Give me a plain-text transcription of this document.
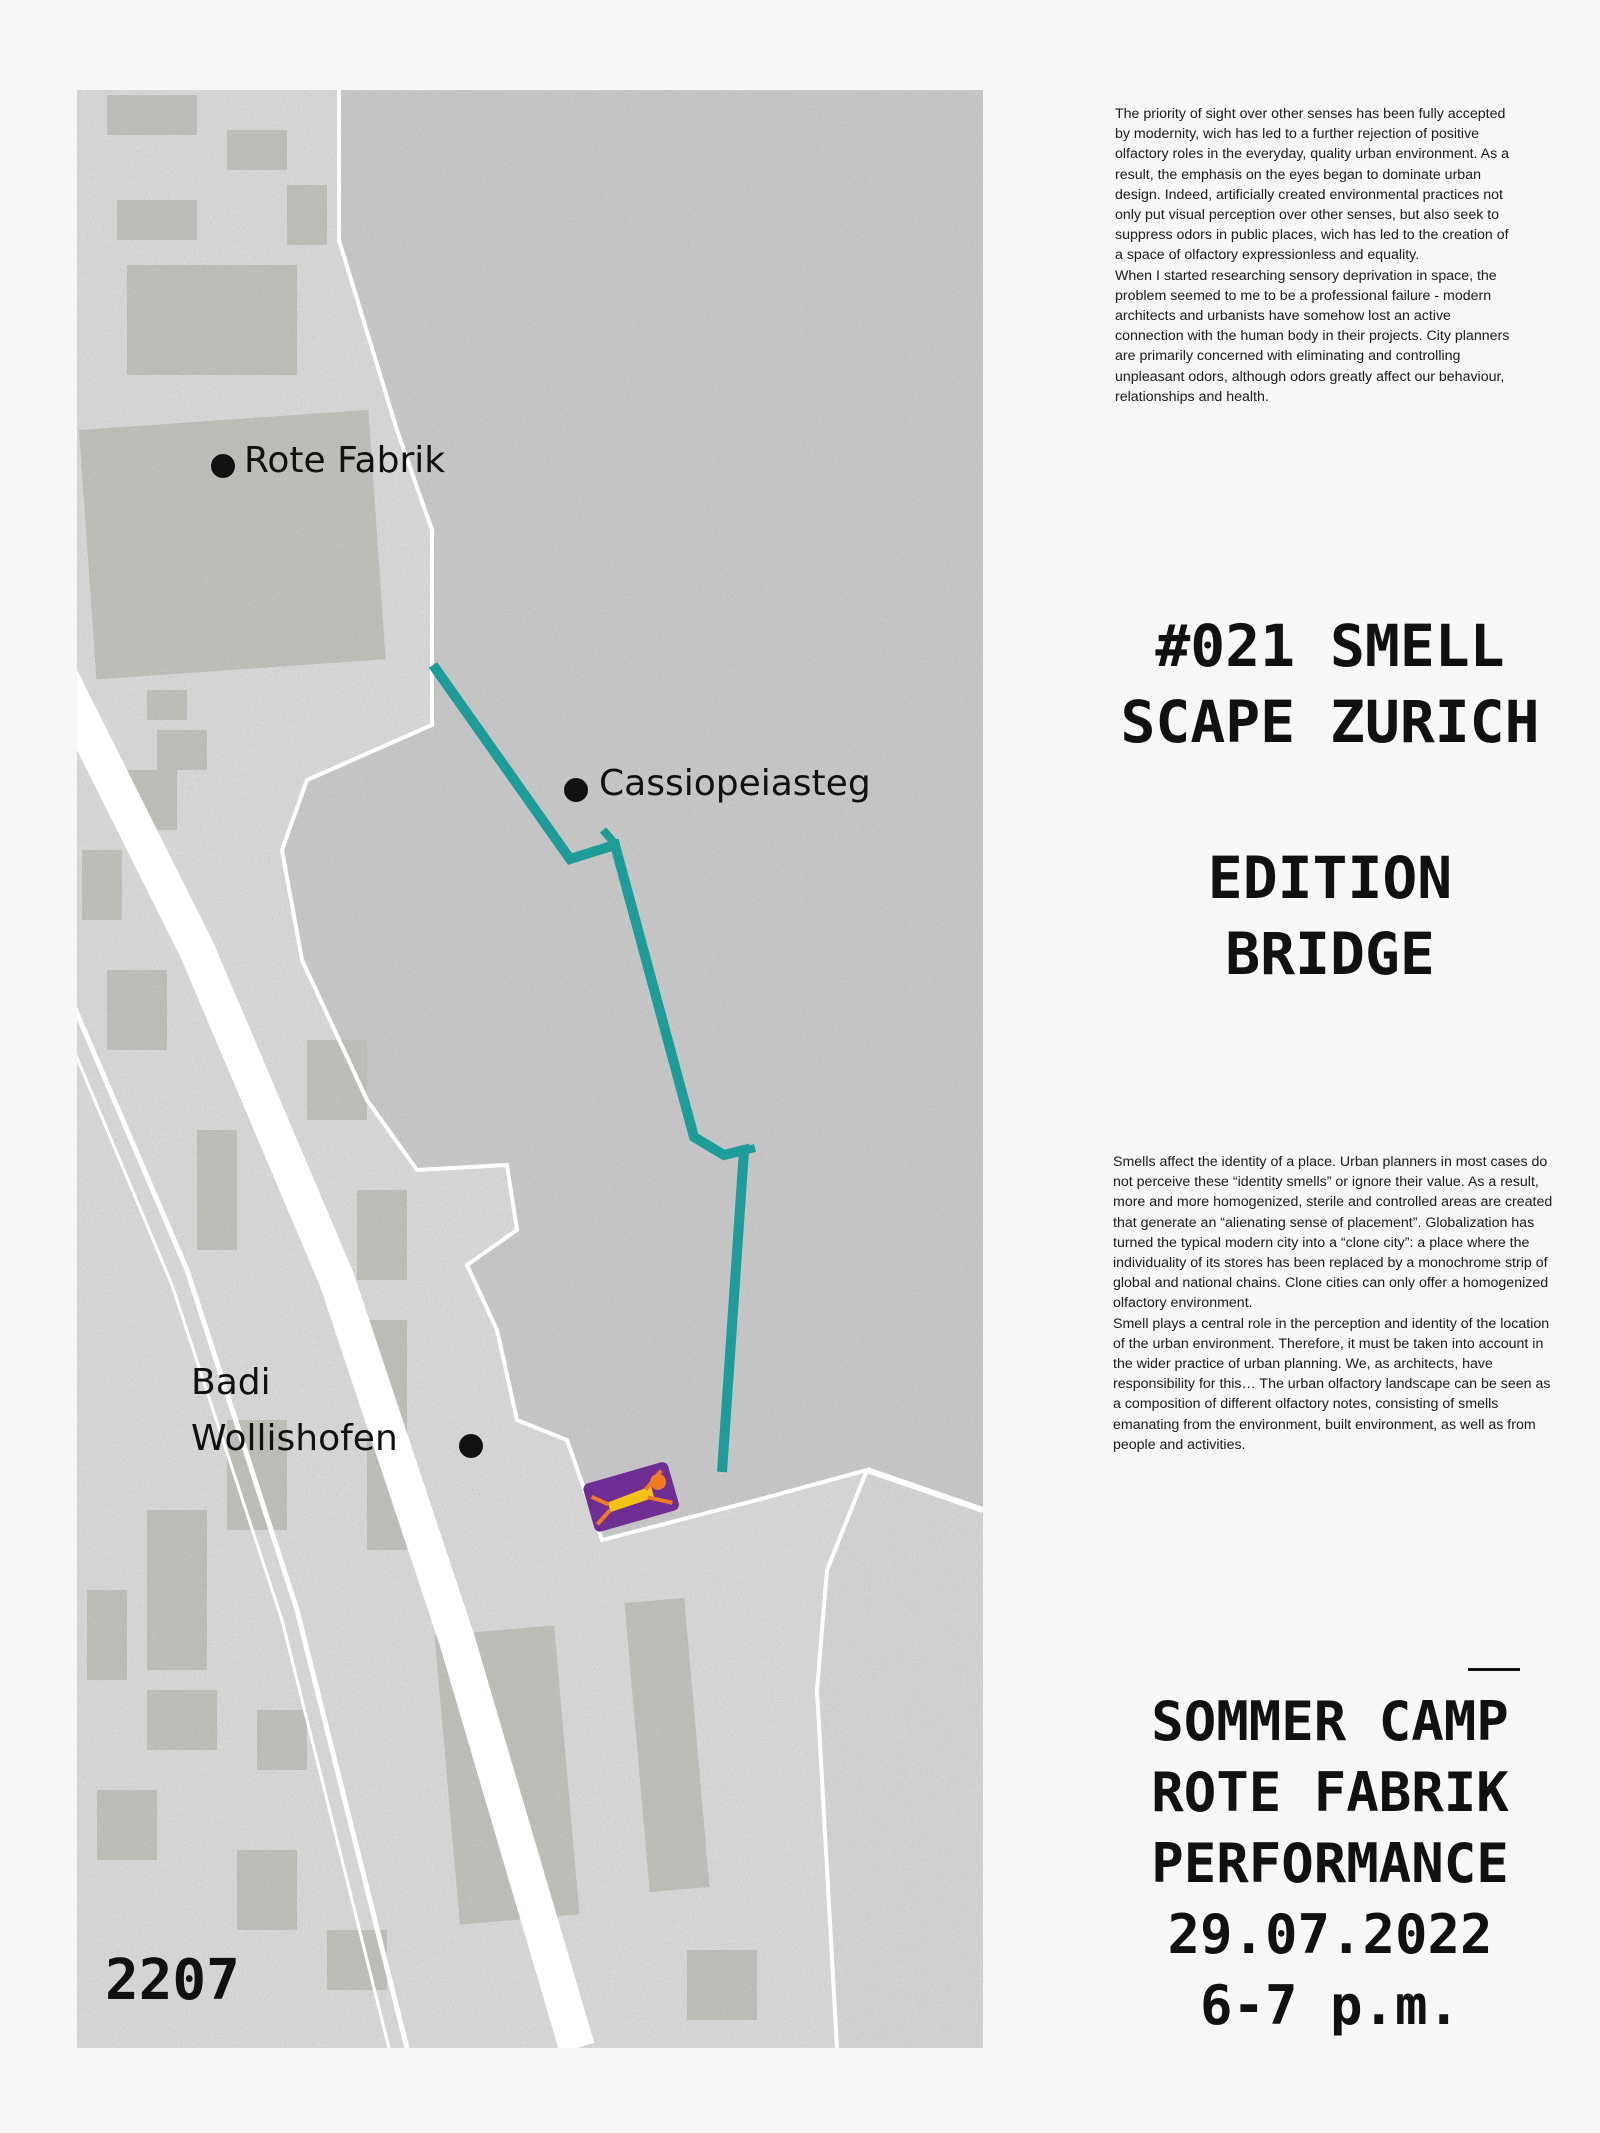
Rote Fabrik
Cassiopeiasteg
Badi
Wollishofen
2207

The priority of sight over other senses has been fully accepted by modernity, wich has led to a further rejection of positive olfactory roles in the everyday, quality urban environment. As a result, the emphasis on the eyes began to dominate urban design. Indeed, artificially created environmental practices not only put visual perception over other senses, but also seek to suppress odors in public places, wich has led to the creation of a space of olfactory expressionless and equality.

When I started researching sensory deprivation in space, the problem seemed to me to be a professional failure - modern architects and urbanists have somehow lost an active connection with the human body in their projects. City planners are primarily concerned with eliminating and controlling unpleasant odors, although odors greatly affect our behaviour, relationships and health.

#021 SMELL
SCAPE ZURICH
EDITION
BRIDGE

Smells affect the identity of a place. Urban planners in most cases do not perceive these “identity smells” or ignore their value. As a result, more and more homogenized, sterile and controlled areas are created that generate an “alienating sense of placement”. Globalization has turned the typical modern city into a “clone city”: a place where the individuality of its stores has been replaced by a monochrome strip of global and national chains. Clone cities can only offer a homogenized olfactory environment.

Smell plays a central role in the perception and identity of the location of the urban environment. Therefore, it must be taken into account in the wider practice of urban planning. We, as architects, have responsibility for this… The urban olfactory landscape can be seen as a composition of different olfactory notes, consisting of smells emanating from the environment, built environment, as well as from people and activities.

SOMMER CAMP
ROTE FABRIK
PERFORMANCE
29.07.2022
6-7 p.m.
